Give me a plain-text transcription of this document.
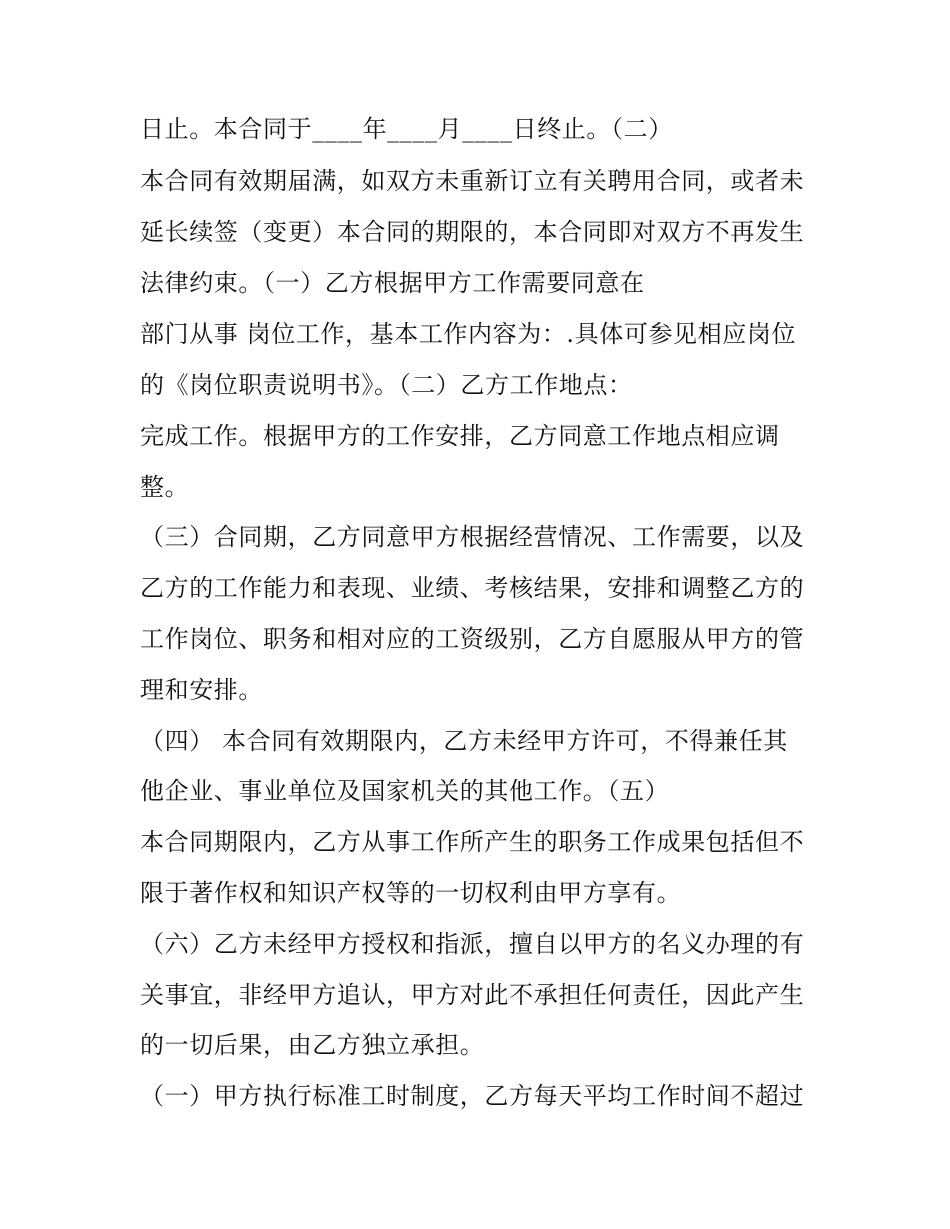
日止。本合同于____年____月____日终止。（二）
本合同有效期届满，如双方未重新订立有关聘用合同，或者未
延长续签（变更）本合同的期限的，本合同即对双方不再发生
法律约束。（一）乙方根据甲方工作需要同意在
部门从事 岗位工作，基本工作内容为：.具体可参见相应岗位
的《岗位职责说明书》。（二）乙方工作地点：
完成工作。根据甲方的工作安排，乙方同意工作地点相应调
整。
（三）合同期，乙方同意甲方根据经营情况、工作需要，以及
乙方的工作能力和表现、业绩、考核结果，安排和调整乙方的
工作岗位、职务和相对应的工资级别，乙方自愿服从甲方的管
理和安排。
（四） 本合同有效期限内，乙方未经甲方许可，不得兼任其
他企业、事业单位及国家机关的其他工作。（五）
本合同期限内，乙方从事工作所产生的职务工作成果包括但不
限于著作权和知识产权等的一切权利由甲方享有。
（六）乙方未经甲方授权和指派，擅自以甲方的名义办理的有
关事宜，非经甲方追认，甲方对此不承担任何责任，因此产生
的一切后果，由乙方独立承担。
（一）甲方执行标准工时制度，乙方每天平均工作时间不超过
